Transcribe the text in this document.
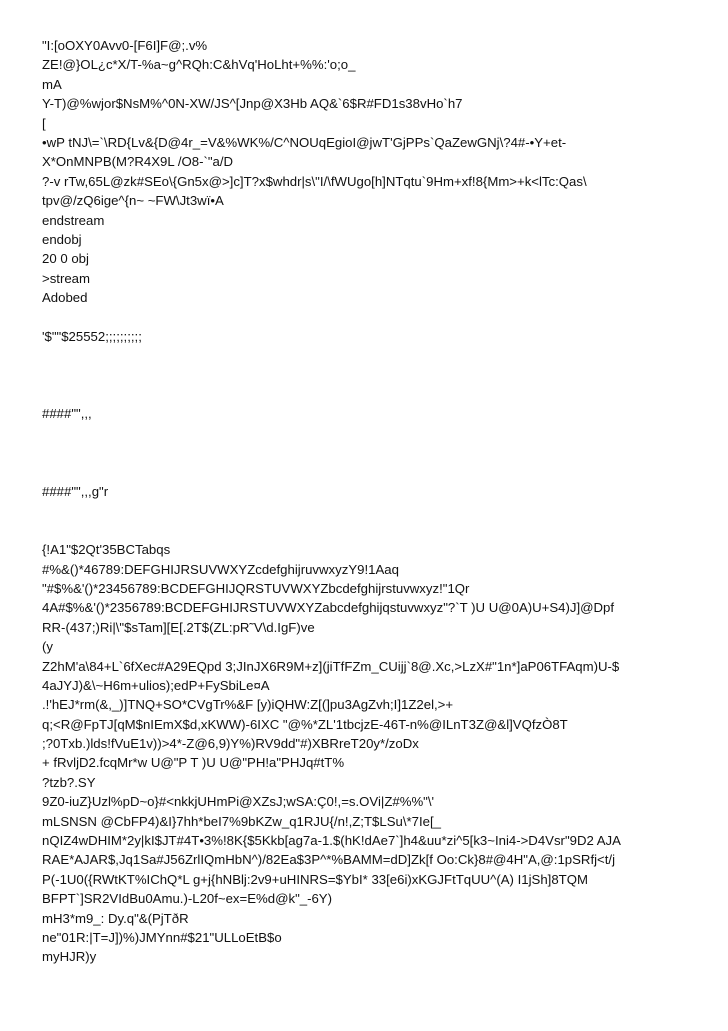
"I:[oOXY0Avv0-[F6I]F@;.v%
ZE!@}OL¿c*X/T-%a~g^RQh:C&hVq'HoLht+%%:'o;o_
mA
Y-T)@%wjor$NsM%^0N-XW/JS^[Jnp@X3Hb AQ&`6$R#FD1s38vHo`h7
[
•wP tNJ\=`\RD{Lv&{D@4r_=V&%WK%/C^NOUqEgioI@jwT'GjPPs`QaZewGNj\?4#-•Y+et-
X*OnMNPB(M?R4X9L /O8-`"a/D
?-v rTw,65L@zk#SEo\{Gn5x@>]c]T?x$whdr|s\"I/\fWUgo[h]NTqtu`9Hm+xf!8{Mm>+k<lTc:Qas\
tpv@/zQ6ige^{n~ ~FW\Jt3wï•A
endstream
endobj
20 0 obj
>stream
Adobed
'$""$25552;;;;;;;;;;
####"",,,
####"",,,g"r
{!A1"$2Qt'35BCTabqs
#%&()*46789:DEFGHIJRSUVWXYZcdefghijruvwxyzY9!1Aaq
"#$%&'()*23456789:BCDEFGHIJQRSTUVWXYZbcdefghijrstuvwxyz!"1Qr
4A#$%&'()*2356789:BCDEFGHIJRSTUVWXYZabcdefghijqstuvwxyz"?`T )U U@0A)U+S4)J]@Dpf
RR-(437;)Ri|\"$sTam][E[.2T$(ZL:pR˜V\d.IgF)ve
(y
Z2hM'a\84+L`6fXec#A29EQpd 3;JInJX6R9M+z](jiTfFZm_CUijj`8@.Xc,>LzX#"1n*]aP06TFAqm)U-$
4aJYJ)&\~H6m+ulios);edP+FySbiLe¤A
.!'hEJ*rm(&,_)]TNQ+SO*CVgTr%&F [y)iQHW:Z[(]pu3AgZvh;I]1Z2el,>+
q;<R@FpTJ[qM$nIEmX$d,xKWW)-6IXC "@%*ZL'1tbcjzE-46T-n%@ILnT3Z@&l]VQfzÒ8T
;?0Txb.)lds!fVuE1v))>4*-Z@6,9)Y%)RV9dd"#)XBRreT20y*/zoDx
+ fRvljD2.fcqMr*w U@"P T )U U@"PH!a"PHJq#tT%
?tzb?.SY
9Z0-iuZ}Uzl%pD~o}#<nkkjUHmPi@XZsJ;wSA:Ç0!,=s.OVi|Z#%%"\'
mLSNSN @CbFP4)&I}7hh*beI7%9bKZw_q1RJU{/n!,Z;T$LSu\*7Ie[_
nQIZ4wDHIM*2y|kI$JT#4T•3%!8K{$5Kkb[ag7a-1.$(hK!dAe7`]h4&uu*zi^5[k3~Ini4->D4Vsr"9D2 AJA
RAE*AJAR$,Jq1Sa#J56ZrlIQmHbN^)/82Ea$3P^*%BAMM=dD]Zk[f Oo:Ck}8#@4H"A,@:1pSRfj<t/j
P(-1U0({RWtKT%IChQ*L g+j{hNBlj:2v9+uHINRS=$YbI* 33[e6i)xKGJFtTqUU^(A) I1jSh]8TQM
BFPT`]SR2VIdBu0Amu.)-L20f~ex=E%d@k"_-6Y)
mH3*m9_: Dy.q"&(PjTðR
ne"01R:|T=J])%)JMYnn#$21"ULLoEtB$o
myHJR)y
